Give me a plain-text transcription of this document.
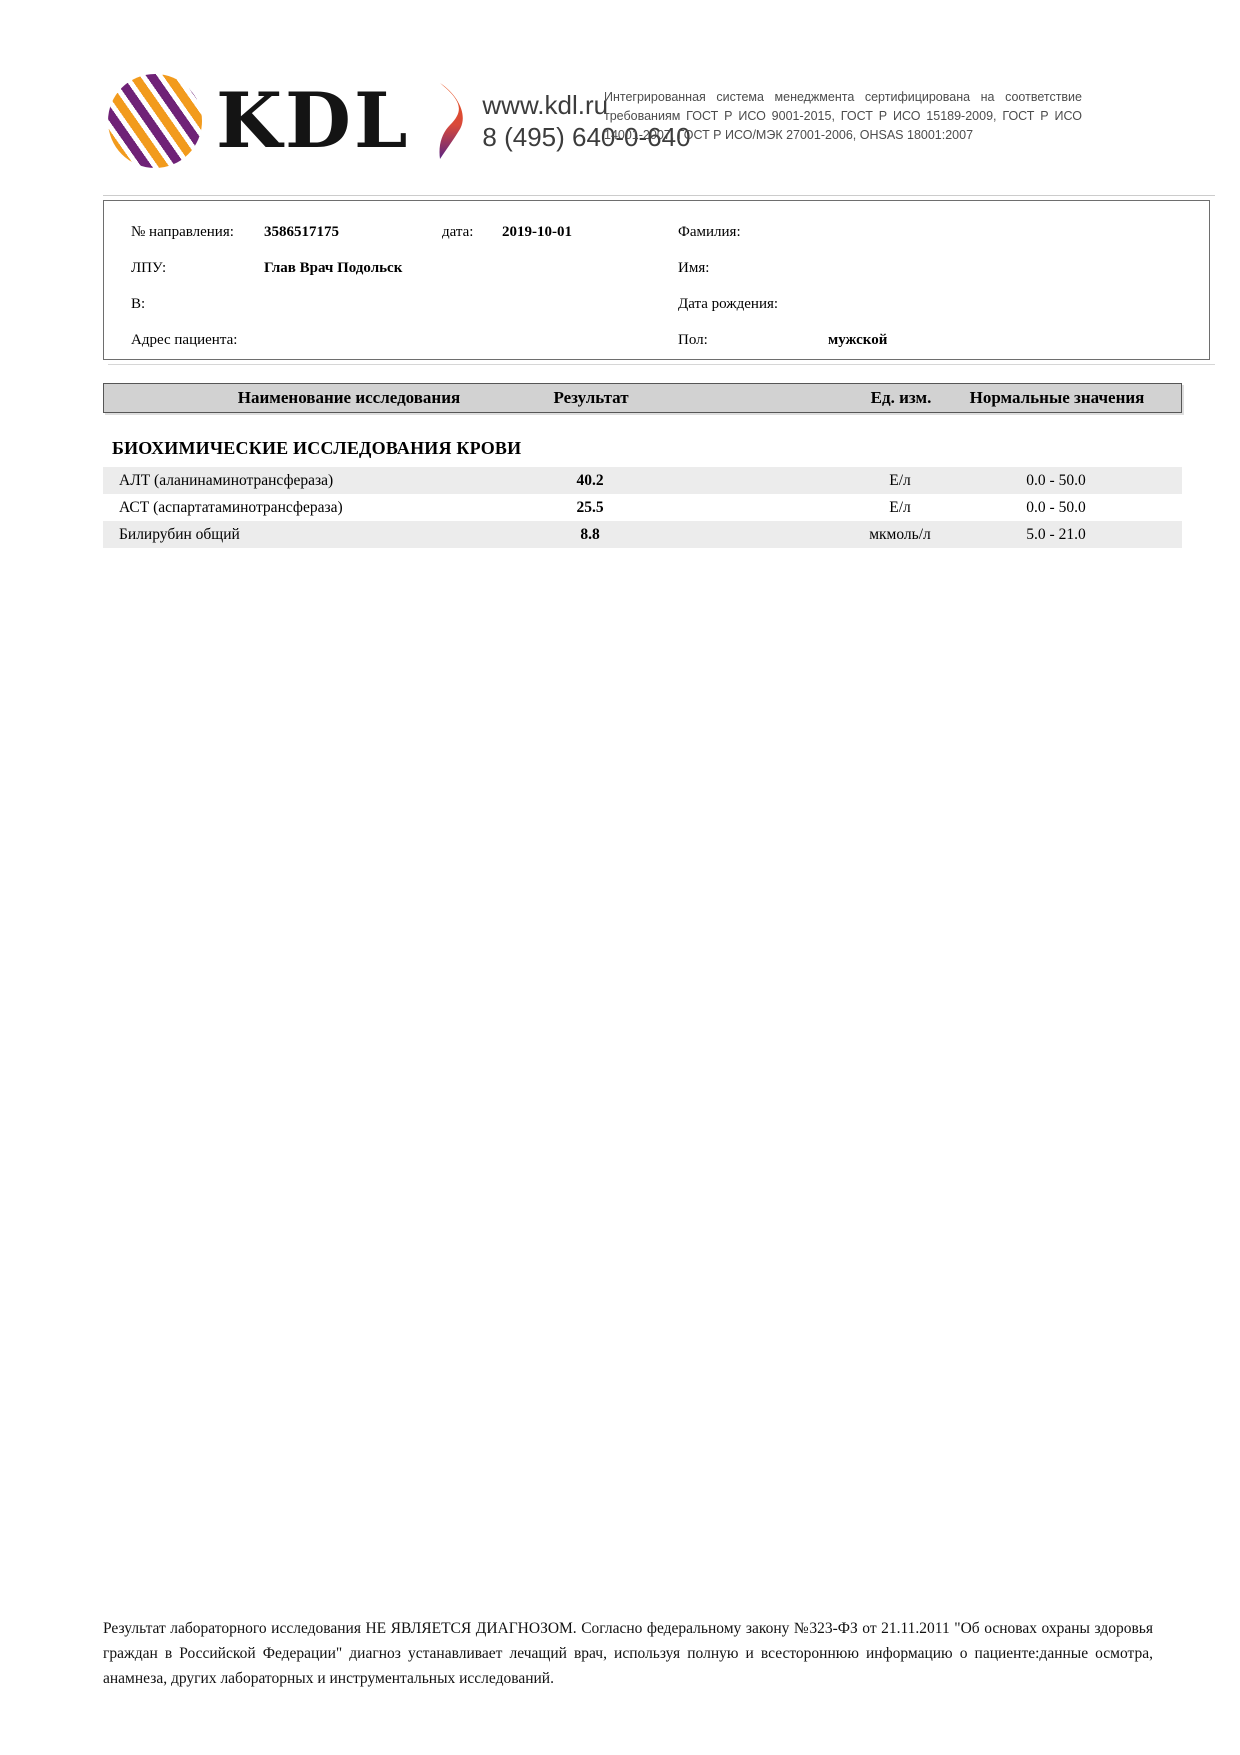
KDL	www.kdl.ru
8 (495) 640-0-640
Интегрированная система менеджмента сертифицирована на соответствие требованиям ГОСТ Р ИСО 9001-2015, ГОСТ Р ИСО 15189-2009, ГОСТ Р ИСО 14001-2007, ГОСТ Р ИСО/МЭК 27001-2006, OHSAS 18001:2007
№ направления: 3586517175	дата: 2019-10-01	Фамилия:
ЛПУ:	Глав Врач Подольск	Имя:
В:	Дата рождения:
Адрес пациента:	Пол:	мужской
Наименование исследования	Результат	Ед. изм.	Нормальные значения
БИОХИМИЧЕСКИЕ ИССЛЕДОВАНИЯ КРОВИ
АЛТ (аланинаминотрансфераза)	40.2	Е/л	0.0 - 50.0
АСТ (аспартатаминотрансфераза)	25.5	Е/л	0.0 - 50.0
Билирубин общий	8.8	мкмоль/л	5.0 - 21.0
Результат лабораторного исследования НЕ ЯВЛЯЕТСЯ ДИАГНОЗОМ. Согласно федеральному закону №323-ФЗ от 21.11.2011 "Об основах охраны здоровья граждан в Российской Федерации" диагноз устанавливает лечащий врач, используя полную и всестороннюю информацию о пациенте:данные осмотра, анамнеза, других лабораторных и инструментальных исследований.
